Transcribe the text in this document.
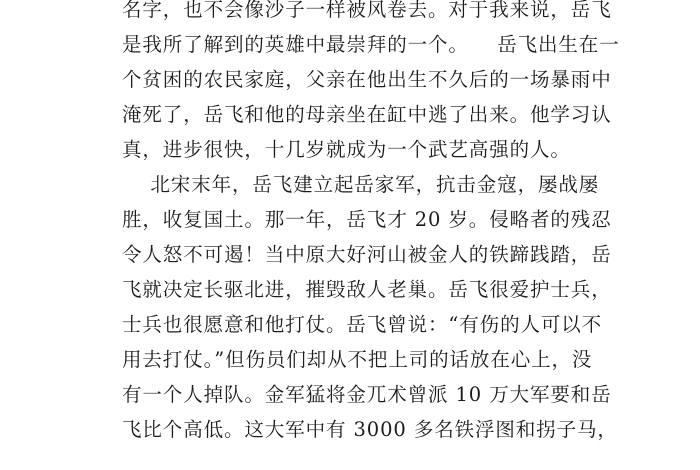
名字，也不会像沙子一样被风卷去。对于我来说，岳飞
是我所了解到的英雄中最崇拜的一个。    岳飞出生在一
个贫困的农民家庭，父亲在他出生不久后的一场暴雨中
淹死了，岳飞和他的母亲坐在缸中逃了出来。他学习认
真，进步很快，十几岁就成为一个武艺高强的人。
北宋末年，岳飞建立起岳家军，抗击金寇，屡战屡
胜，收复国土。那一年，岳飞才 20 岁。侵略者的残忍
令人怒不可遏！当中原大好河山被金人的铁蹄践踏，岳
飞就决定长驱北进，摧毁敌人老巢。岳飞很爱护士兵，
士兵也很愿意和他打仗。岳飞曾说：“有伤的人可以不
用去打仗。”但伤员们却从不把上司的话放在心上，没
有一个人掉队。金军猛将金兀术曾派 10 万大军要和岳
飞比个高低。这大军中有 3000 多名铁浮图和拐子马，
